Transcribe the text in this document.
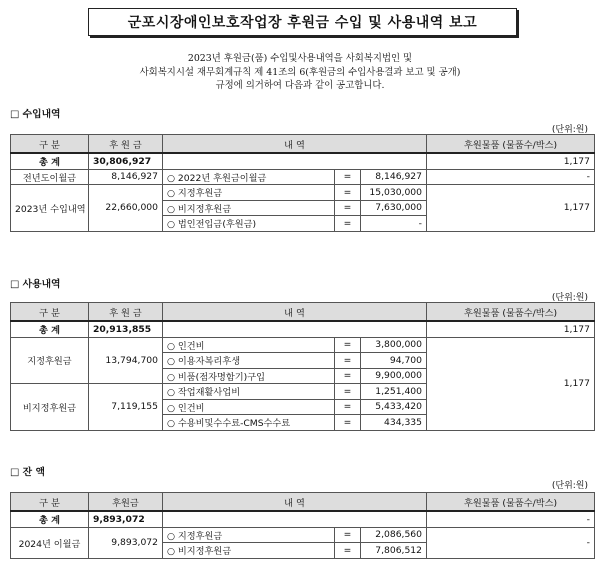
군포시장애인보호작업장 후원금 수입 및 사용내역 보고
2023년 후원금(품) 수입및사용내역을 사회복지법인 및
사회복지시설 재무회계규칙 제 41조의 6(후원금의 수입사용결과 보고 및 공개)
규정에 의거하여 다음과 같이 공고합니다.
□ 수입내역
(단위:원)
구 분	후 원 금	내 역			후원물품 (물품수/박스)
총 계	30,806,927				1,177
전년도이월금	8,146,927	○ 2022년 후원금이월금	=	8,146,927	-
2023년 수입내역	22,660,000	○ 지정후원금	=	15,030,000	1,177
		○ 비지정후원금	=	7,630,000	
		○ 법인전입금(후원금)	=	-	
□ 사용내역
(단위:원)
구 분	후 원 금	내 역			후원물품 (물품수/박스)
총 계	20,913,855				1,177
지정후원금	13,794,700	○ 인건비	=	3,800,000	1,177
		○ 이용자복리후생	=	94,700	
		○ 비품(점자명함기)구입	=	9,900,000	
비지정후원금	7,119,155	○ 작업재활사업비	=	1,251,400	
		○ 인건비	=	5,433,420	
		○ 수용비및수수료-CMS수수료	=	434,335	
□ 잔 액
(단위:원)
구 분	후원금	내 역			후원물품 (물품수/박스)
총 계	9,893,072				-
2024년 이월금	9,893,072	○ 지정후원금	=	2,086,560	-
		○ 비지정후원금	=	7,806,512	
